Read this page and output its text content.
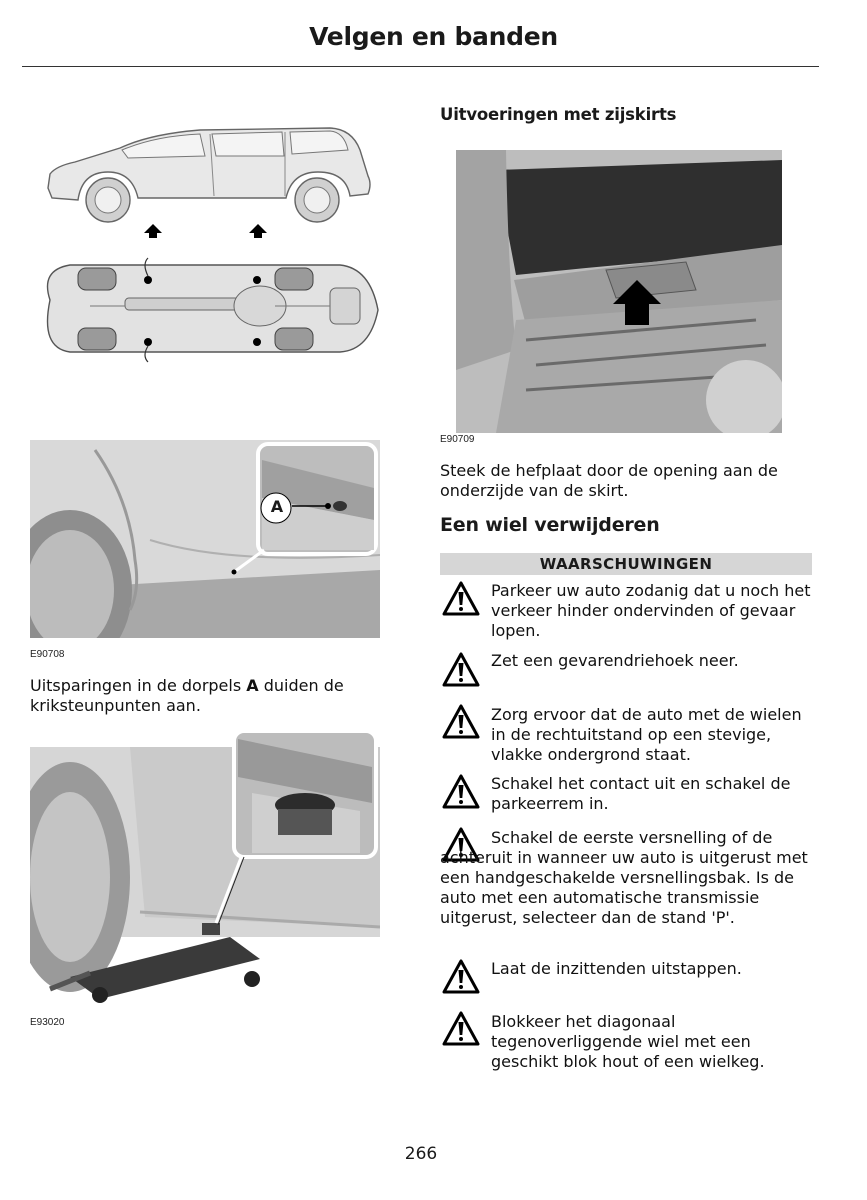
Velgen en banden
A
E90708
Uitsparingen in de dorpels A duiden de kriksteunpunten aan.
E93020
Uitvoeringen met zijskirts
E90709
Steek de hefplaat door de opening aan de onderzijde van de skirt.
Een wiel verwijderen
WAARSCHUWINGEN
Parkeer uw auto zodanig dat u noch het verkeer hinder ondervinden of gevaar lopen.
Zet een gevarendriehoek neer.
Zorg ervoor dat de auto met de wielen in de rechtuitstand op een stevige, vlakke ondergrond staat.
Schakel het contact uit en schakel de parkeerrem in.
Schakel de eerste versnelling of de achteruit in wanneer uw auto is uitgerust met een handgeschakelde versnellingsbak. Is de auto met een automatische transmissie uitgerust, selecteer dan de stand 'P'.
Laat de inzittenden uitstappen.
Blokkeer het diagonaal tegenoverliggende wiel met een geschikt blok hout of een wielkeg.
266
